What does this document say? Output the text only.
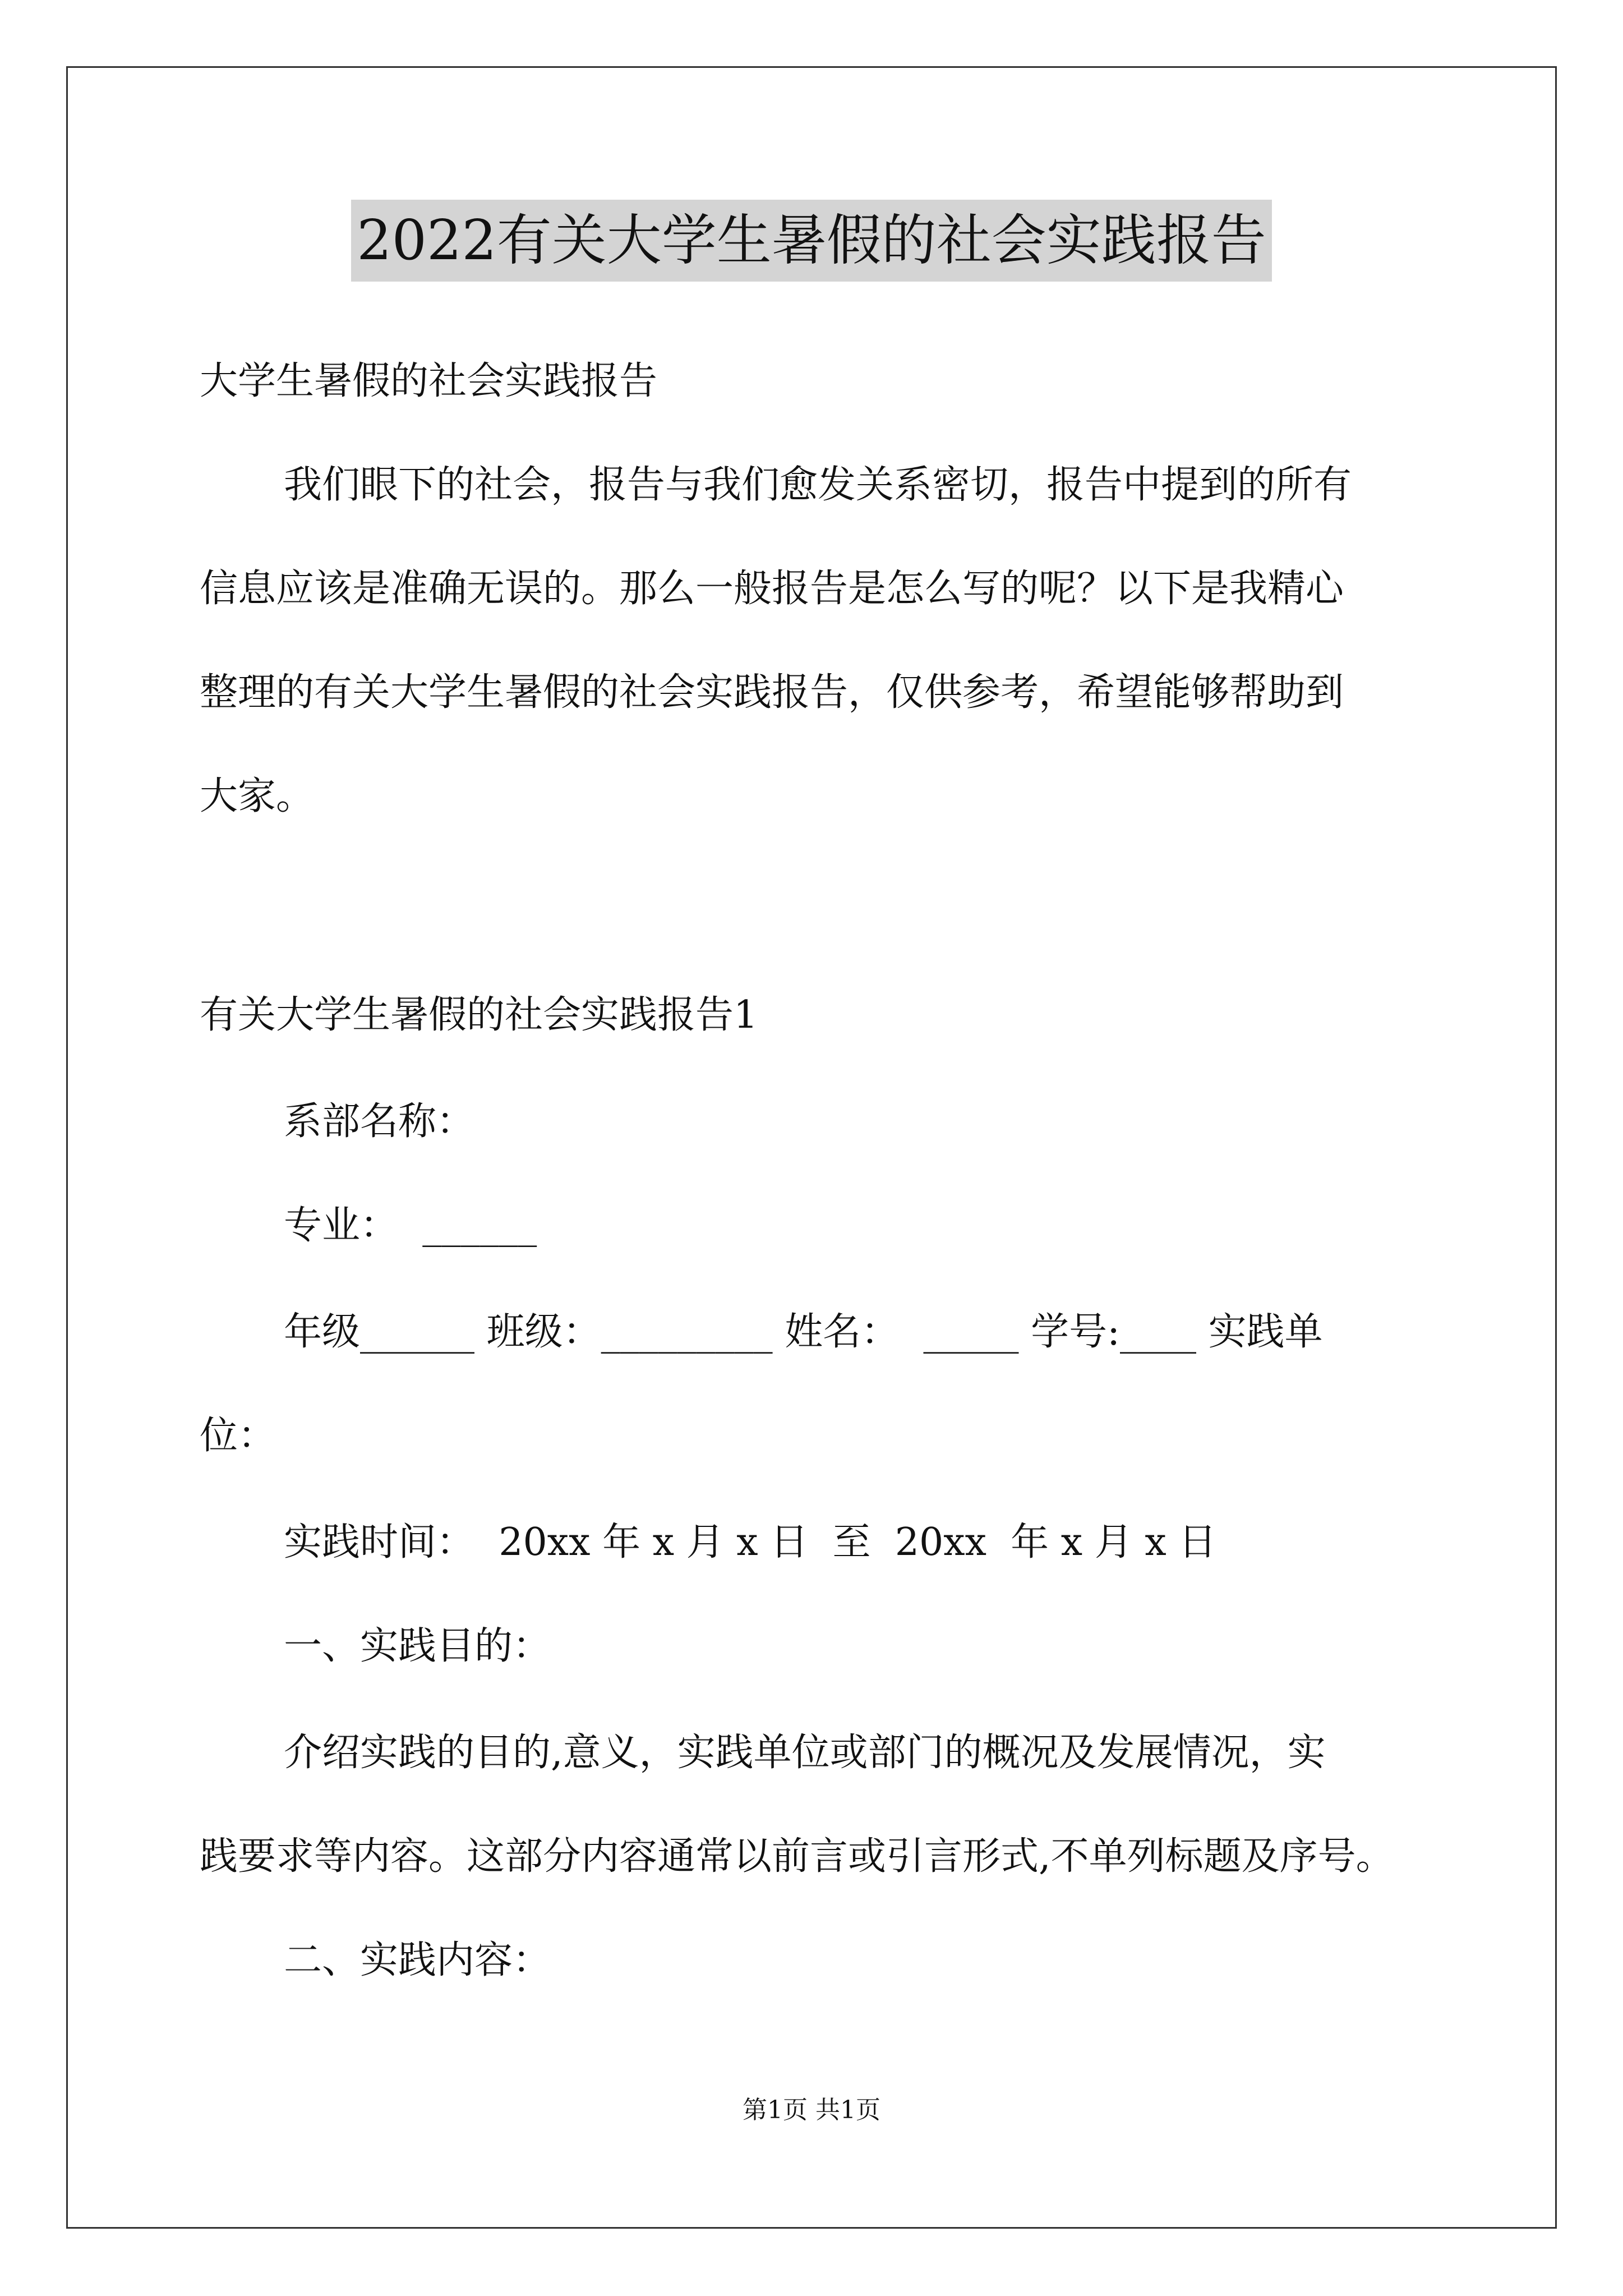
2022有关大学生暑假的社会实践报告
大学生暑假的社会实践报告
我们眼下的社会，报告与我们愈发关系密切，报告中提到的所有
信息应该是准确无误的。那么一般报告是怎么写的呢？以下是我精心
整理的有关大学生暑假的社会实践报告，仅供参考，希望能够帮助到
大家。
有关大学生暑假的社会实践报告1
系部名称：
专业：  ______
年级______ 班级：_________ 姓名：  _____ 学号:____ 实践单
位：
实践时间：  20xx 年 x 月 x 日  至  20xx  年 x 月 x 日
一、实践目的：
介绍实践的目的,意义，实践单位或部门的概况及发展情况，实
践要求等内容。这部分内容通常以前言或引言形式,不单列标题及序号。
二、实践内容：
第1页 共1页
